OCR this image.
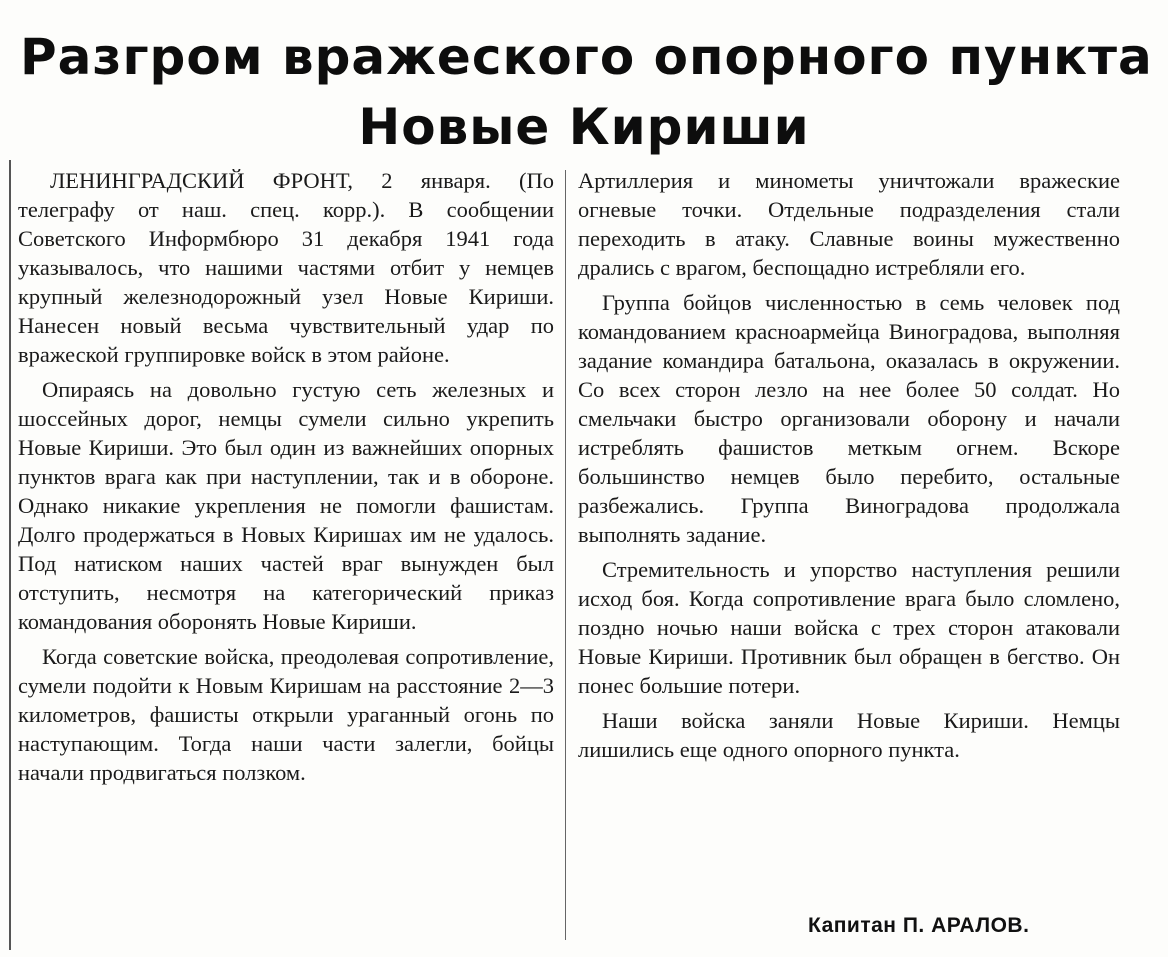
Разгром вражеского опорного пункта
Новые Кириши

ЛЕНИНГРАДСКИЙ ФРОНТ, 2 января. (По телеграфу от наш. спец. корр.). В сообщении Советского Информбюро 31 декабря 1941 года указывалось, что нашими частями отбит у немцев крупный железнодорожный узел Новые Кириши. Нанесен новый весьма чувствительный удар по вражеской группировке войск в этом районе.

Опираясь на довольно густую сеть железных и шоссейных дорог, немцы сумели сильно укрепить Новые Кириши. Это был один из важнейших опорных пунктов врага как при наступлении, так и в обороне. Однако никакие укрепления не помогли фашистам. Долго продержаться в Новых Киришах им не удалось. Под натиском наших частей враг вынужден был отступить, несмотря на категорический приказ командования оборонять Новые Кириши.

Когда советские войска, преодолевая сопротивление, сумели подойти к Новым Киришам на расстояние 2—3 километров, фашисты открыли ураганный огонь по наступающим. Тогда наши части залегли, бойцы начали продвигаться ползком.

Артиллерия и минометы уничтожали вражеские огневые точки. Отдельные подразделения стали переходить в атаку. Славные воины мужественно дрались с врагом, беспощадно истребляли его.

Группа бойцов численностью в семь человек под командованием красноармейца Виноградова, выполняя задание командира батальона, оказалась в окружении. Со всех сторон лезло на нее более 50 солдат. Но смельчаки быстро организовали оборону и начали истреблять фашистов меткым огнем. Вскоре большинство немцев было перебито, остальные разбежались. Группа Виноградова продолжала выполнять задание.

Стремительность и упорство наступления решили исход боя. Когда сопротивление врага было сломлено, поздно ночью наши войска с трех сторон атаковали Новые Кириши. Противник был обращен в бегство. Он понес большие потери.

Наши войска заняли Новые Кириши. Немцы лишились еще одного опорного пункта.

Капитан П. АРАЛОВ.
